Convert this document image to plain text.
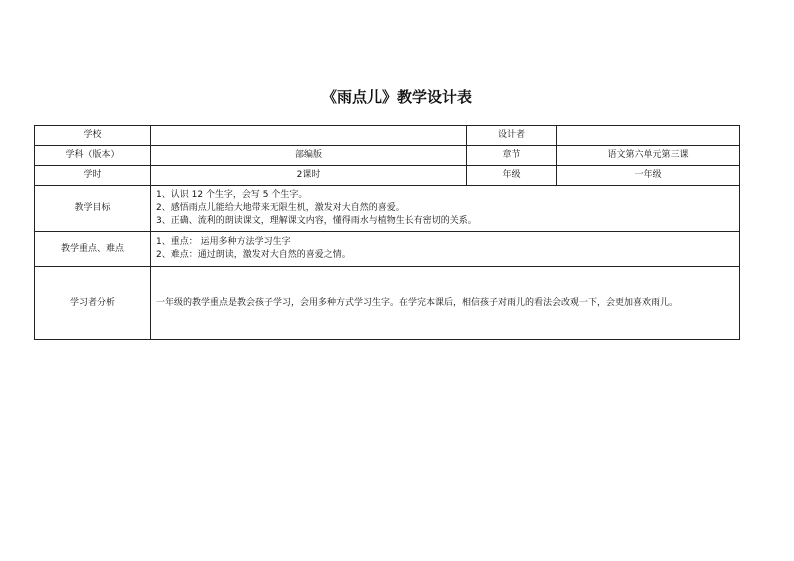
《雨点儿》教学设计表
学校		设计者	
学科（版本）	部编版	章节	语文第六单元第三课
学时	2课时	年级	一年级
教学目标	1、认识 12 个生字，会写 5 个生字。
2、感悟雨点儿能给大地带来无限生机，激发对大自然的喜爱。
3、正确、流利的朗读课文，理解课文内容，懂得雨水与植物生长有密切的关系。		

教学重点、难点	1、重点： 运用多种方法学习生字
2、难点：通过朗读，激发对大自然的喜爱之情。		

学习者分析	一年级的教学重点是教会孩子学习，会用多种方式学习生字。在学完本课后，相信孩子对雨儿的看法会改观一下，会更加喜欢雨儿。		
